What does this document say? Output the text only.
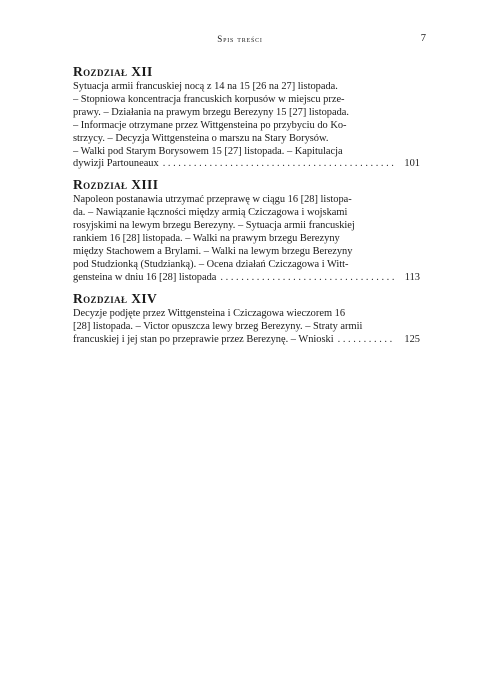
Spis treści	7
Rozdział XII
Sytuacja armii francuskiej nocą z 14 na 15 [26 na 27] listopada.
– Stopniowa koncentracja francuskich korpusów w miejscu prze-
prawy. – Działania na prawym brzegu Berezyny 15 [27] listopada.
– Informacje otrzymane przez Wittgensteina po przybyciu do Ko-
strzycy. – Decyzja Wittgensteina o marszu na Stary Borysów.
– Walki pod Starym Borysowem 15 [27] listopada. – Kapitulacja
dywizji Partouneaux . . .	101
Rozdział XIII
Napoleon postanawia utrzymać przeprawę w ciągu 16 [28] listopa-
da. – Nawiązanie łączności między armią Cziczagowa i wojskami
rosyjskimi na lewym brzegu Berezyny. – Sytuacja armii francuskiej
rankiem 16 [28] listopada. – Walki na prawym brzegu Berezyny
między Stachowem a Brylami. – Walki na lewym brzegu Berezyny
pod Studzionką (Studzianką). – Ocena działań Cziczagowa i Witt-
gensteina w dniu 16 [28] listopada . . .	113
Rozdział XIV
Decyzje podjęte przez Wittgensteina i Cziczagowa wieczorem 16
[28] listopada. – Victor opuszcza lewy brzeg Berezyny. – Straty armii
francuskiej i jej stan po przeprawie przez Berezynę. – Wnioski . . .	125
